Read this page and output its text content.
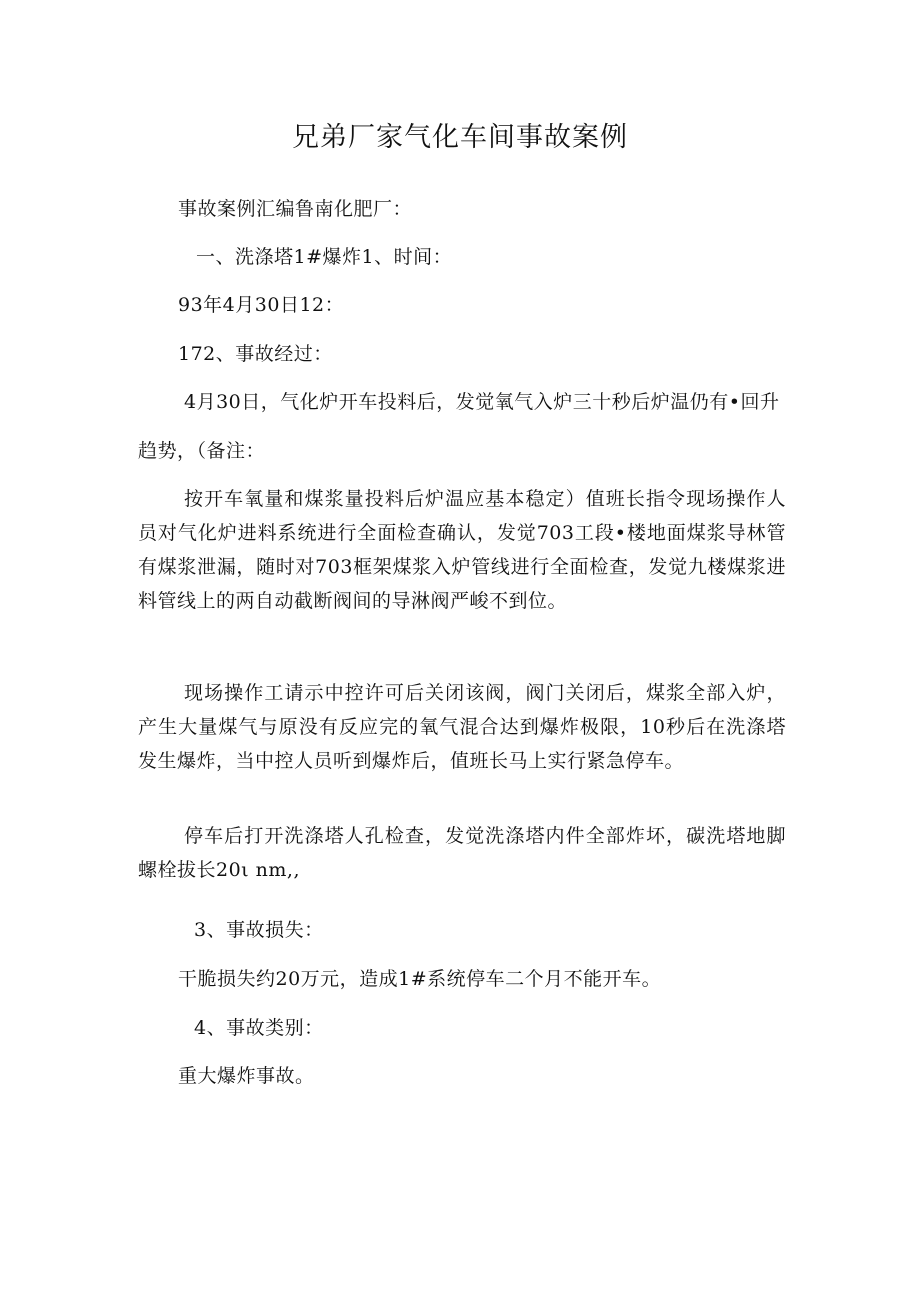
兄弟厂家气化车间事故案例
事故案例汇编鲁南化肥厂：
一、洗涤塔1#爆炸1、时间：
93年4月30日12：
172、事故经过：
4月30日，气化炉开车投料后，发觉氧气入炉三十秒后炉温仍有•回升
趋势，（备注：
按开车氧量和煤浆量投料后炉温应基本稳定）值班长指令现场操作人员对气化炉进料系统进行全面检查确认，发觉703工段•楼地面煤浆导林管有煤浆泄漏，随时对703框架煤浆入炉管线进行全面检查，发觉九楼煤浆进料管线上的两自动截断阀间的导淋阀严峻不到位。
现场操作工请示中控许可后关闭该阀，阀门关闭后，煤浆全部入炉，产生大量煤气与原没有反应完的氧气混合达到爆炸极限，10秒后在洗涤塔发生爆炸，当中控人员听到爆炸后，值班长马上实行紧急停车。
停车后打开洗涤塔人孔检查，发觉洗涤塔内件全部炸坏，碳洗塔地脚螺栓拔长20ι nm,,
3、事故损失：
干脆损失约20万元，造成1#系统停车二个月不能开车。
4、事故类别：
重大爆炸事故。
